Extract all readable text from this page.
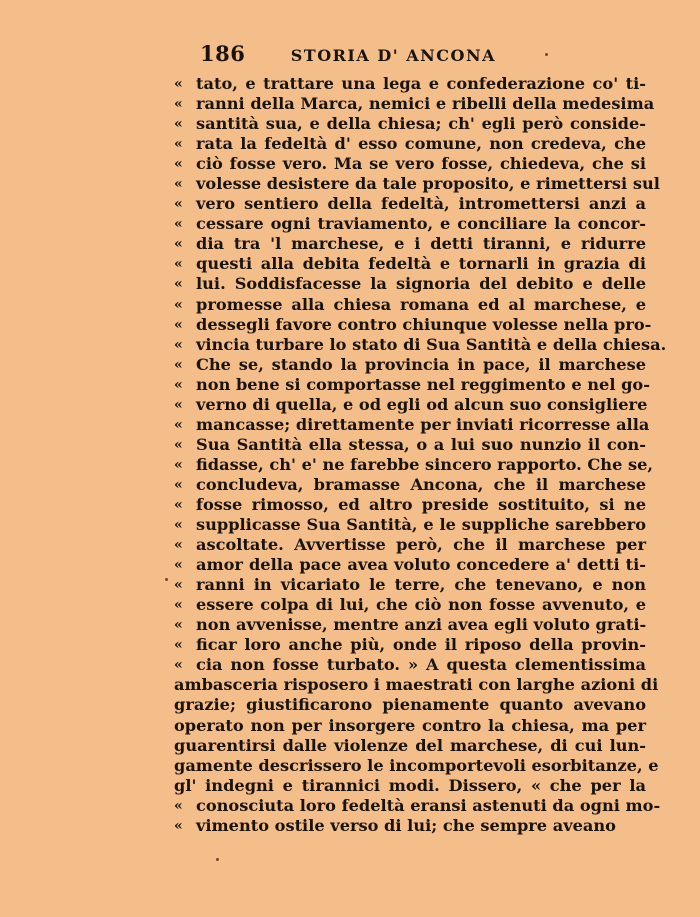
186	STORIA D' ANCONA
« tato, e trattare una lega e confederazione co' ti-
« ranni della Marca, nemici e ribelli della medesima
« santità sua, e della chiesa; ch' egli però conside-
« rata la fedeltà d' esso comune, non credeva, che
« ciò fosse vero. Ma se vero fosse, chiedeva, che si
« volesse desistere da tale proposito, e rimettersi sul
« vero sentiero della fedeltà, intromettersi anzi a
« cessare ogni traviamento, e conciliare la concor-
« dia tra 'l marchese, e i detti tiranni, e ridurre
« questi alla debita fedeltà e tornarli in grazia di
« lui. Soddisfacesse la signoria del debito e delle
« promesse alla chiesa romana ed al marchese, e
« dessegli favore contro chiunque volesse nella pro-
« vincia turbare lo stato di Sua Santità e della chiesa.
« Che se, stando la provincia in pace, il marchese
« non bene si comportasse nel reggimento e nel go-
« verno di quella, e od egli od alcun suo consigliere
« mancasse; direttamente per inviati ricorresse alla
« Sua Santità ella stessa, o a lui suo nunzio il con-
« fidasse, ch' e' ne farebbe sincero rapporto. Che se,
« concludeva, bramasse Ancona, che il marchese
« fosse rimosso, ed altro preside sostituito, si ne
« supplicasse Sua Santità, e le suppliche sarebbero
« ascoltate. Avvertisse però, che il marchese per
« amor della pace avea voluto concedere a' detti ti-
« ranni in vicariato le terre, che tenevano, e non
« essere colpa di lui, che ciò non fosse avvenuto, e
« non avvenisse, mentre anzi avea egli voluto grati-
« ficar loro anche più, onde il riposo della provin-
« cia non fosse turbato. » A questa clementissima
ambasceria risposero i maestrati con larghe azioni di
grazie; giustificarono pienamente quanto avevano
operato non per insorgere contro la chiesa, ma per
guarentirsi dalle violenze del marchese, di cui lun-
gamente descrissero le incomportevoli esorbitanze, e
gl' indegni e tirannici modi. Dissero, « che per la
« conosciuta loro fedeltà eransi astenuti da ogni mo-
« vimento ostile verso di lui; che sempre aveano
